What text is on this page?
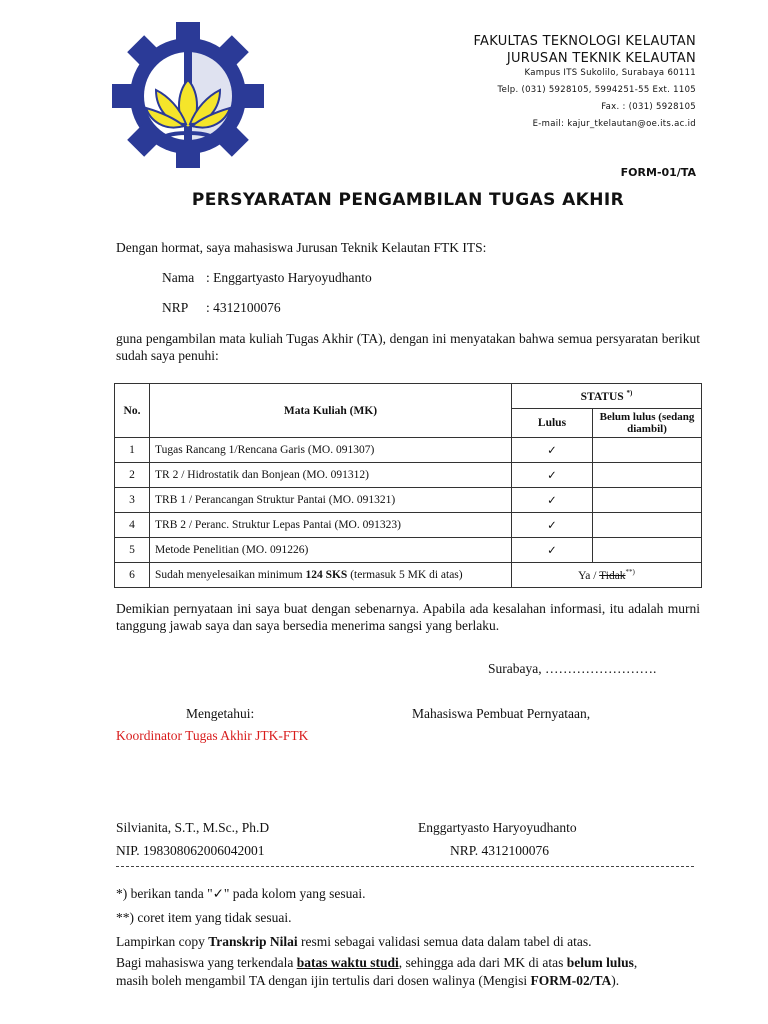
FAKULTAS TEKNOLOGI KELAUTAN
JURUSAN TEKNIK KELAUTAN
Kampus ITS Sukolilo, Surabaya 60111
Telp. (031) 5928105, 5994251-55 Ext. 1105
Fax. : (031) 5928105
E-mail: kajur_tkelautan@oe.its.ac.id
FORM-01/TA
PERSYARATAN PENGAMBILAN TUGAS AKHIR
Dengan hormat, saya mahasiswa Jurusan Teknik Kelautan FTK ITS:
Nama : Enggartyasto Haryoyudhanto
NRP : 4312100076
guna pengambilan mata kuliah Tugas Akhir (TA), dengan ini menyatakan bahwa semua persyaratan berikut sudah saya penuhi:
No.	Mata Kuliah (MK)	STATUS *)
		Lulus	Belum lulus (sedang diambil)
1	Tugas Rancang 1/Rencana Garis (MO. 091307)	✓	
2	TR 2 / Hidrostatik dan Bonjean (MO. 091312)	✓	
3	TRB 1 / Perancangan Struktur Pantai (MO. 091321)	✓	
4	TRB 2 / Peranc. Struktur Lepas Pantai (MO. 091323)	✓	
5	Metode Penelitian (MO. 091226)	✓	
6	Sudah menyelesaikan minimum 124 SKS (termasuk 5 MK di atas)	Ya / Tidak**)
Demikian pernyataan ini saya buat dengan sebenarnya. Apabila ada kesalahan informasi, itu adalah murni tanggung jawab saya dan saya bersedia menerima sangsi yang berlaku.
Surabaya, …………………….
Mengetahui:	Mahasiswa Pembuat Pernyataan,
Koordinator Tugas Akhir JTK-FTK
Silvianita, S.T., M.Sc., Ph.D	Enggartyasto Haryoyudhanto
NIP. 198308062006042001	NRP. 4312100076
*) berikan tanda "✓" pada kolom yang sesuai.
**) coret item yang tidak sesuai.
Lampirkan copy Transkrip Nilai resmi sebagai validasi semua data dalam tabel di atas.
Bagi mahasiswa yang terkendala batas waktu studi, sehingga ada dari MK di atas belum lulus,
masih boleh mengambil TA dengan ijin tertulis dari dosen walinya (Mengisi FORM-02/TA).
